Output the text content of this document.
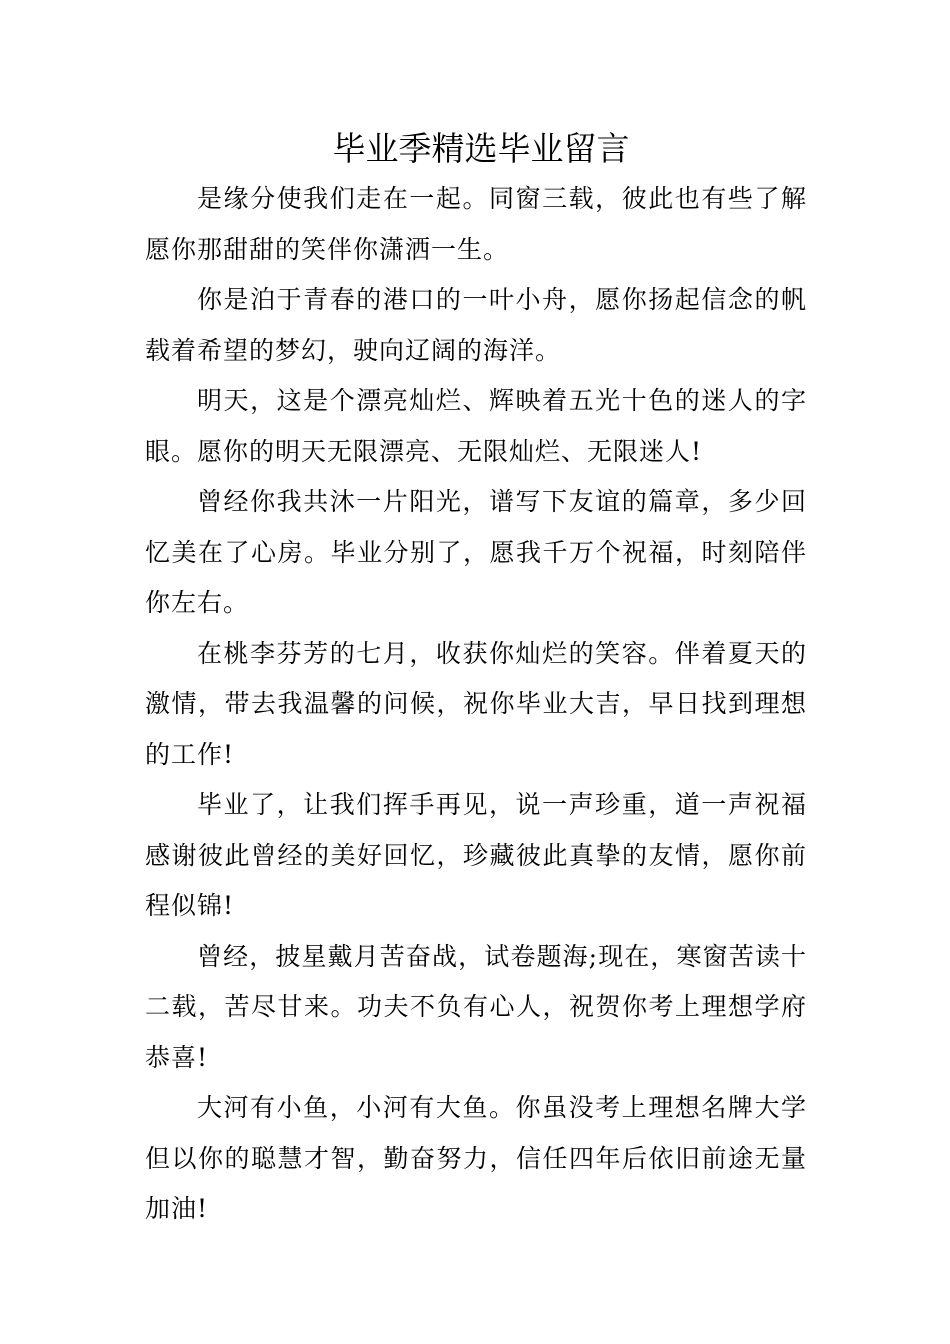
毕业季精选毕业留言

是缘分使我们走在一起。同窗三载，彼此也有些了解愿你那甜甜的笑伴你潇洒一生。

你是泊于青春的港口的一叶小舟，愿你扬起信念的帆载着希望的梦幻，驶向辽阔的海洋。

明天，这是个漂亮灿烂、辉映着五光十色的迷人的字眼。愿你的明天无限漂亮、无限灿烂、无限迷人!

曾经你我共沐一片阳光，谱写下友谊的篇章，多少回忆美在了心房。毕业分别了，愿我千万个祝福，时刻陪伴你左右。

在桃李芬芳的七月，收获你灿烂的笑容。伴着夏天的激情，带去我温馨的问候，祝你毕业大吉，早日找到理想的工作!

毕业了，让我们挥手再见，说一声珍重，道一声祝福感谢彼此曾经的美好回忆，珍藏彼此真挚的友情，愿你前程似锦!

曾经，披星戴月苦奋战，试卷题海;现在，寒窗苦读十二载，苦尽甘来。功夫不负有心人，祝贺你考上理想学府恭喜!

大河有小鱼，小河有大鱼。你虽没考上理想名牌大学但以你的聪慧才智，勤奋努力，信任四年后依旧前途无量加油!
